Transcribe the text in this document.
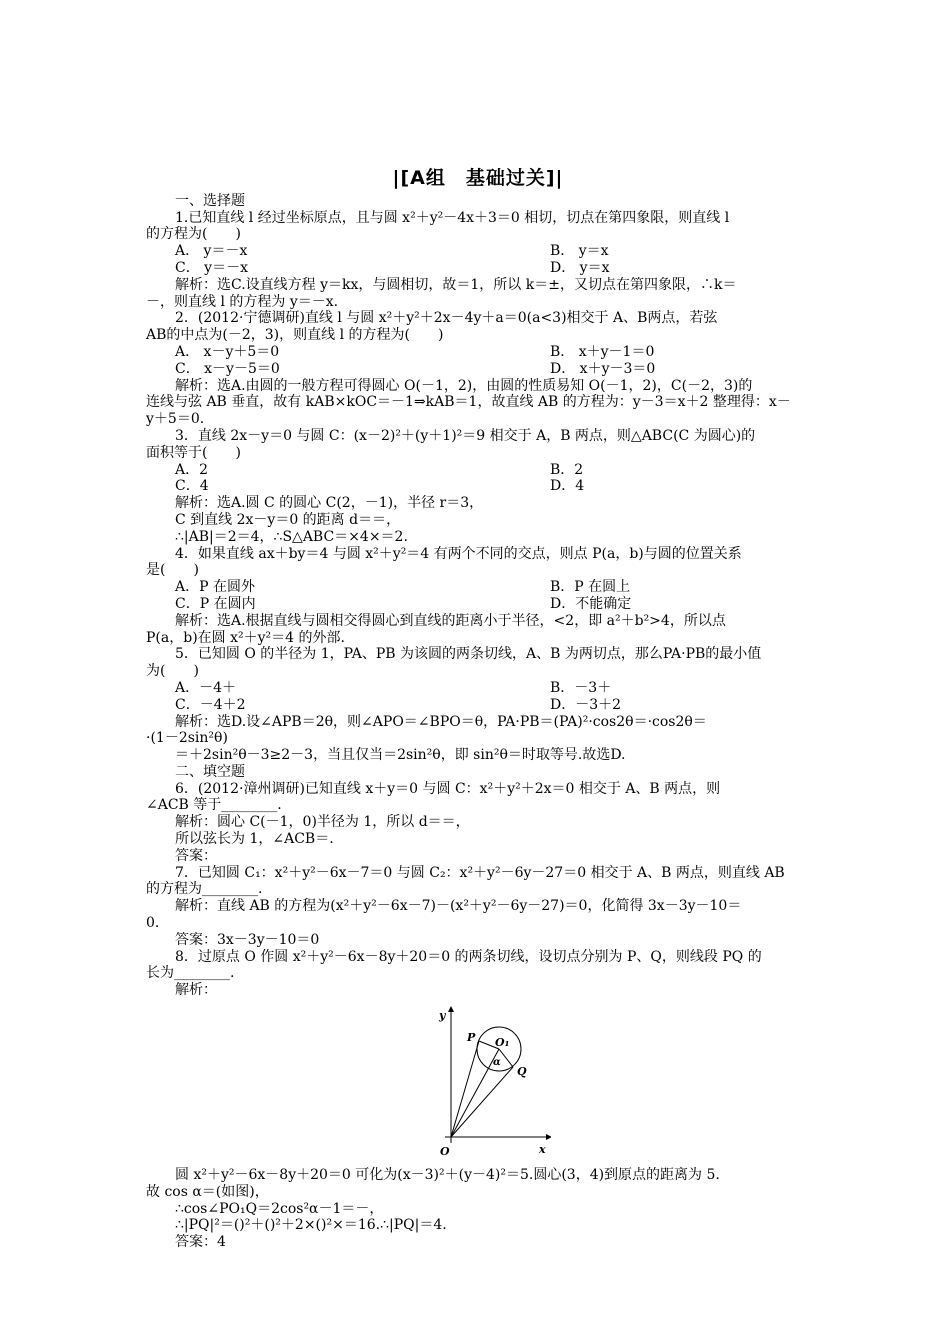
|[A组　基础过关]|
一、选择题
1.已知直线 l 经过坐标原点，且与圆 x²＋y²－4x＋3＝0 相切，切点在第四象限，则直线 l
的方程为(　　)
A． y＝－x	B． y＝x
C． y＝－x	D． y＝x
解析：选C.设直线方程 y＝kx，与圆相切，故＝1，所以 k＝±，又切点在第四象限，∴k＝
－，则直线 l 的方程为 y＝－x.
2．(2012·宁德调研)直线 l 与圆 x²＋y²＋2x－4y＋a＝0(a<3)相交于 A、B两点，若弦
AB的中点为(－2，3)，则直线 l 的方程为(　　)
A． x－y＋5＝0	B． x＋y－1＝0
C． x－y－5＝0	D． x＋y－3＝0
解析：选A.由圆的一般方程可得圆心 O(－1，2)，由圆的性质易知 O(－1，2)，C(－2，3)的
连线与弦 AB 垂直，故有 kAB×kOC＝－1⇒kAB＝1，故直线 AB 的方程为：y－3＝x＋2 整理得：x－
y＋5＝0.
3．直线 2x－y＝0 与圆 C：(x－2)²＋(y＋1)²＝9 相交于 A，B 两点，则△ABC(C 为圆心)的
面积等于(　　)
A．2	B．2
C．4	D．4
解析：选A.圆 C 的圆心 C(2，－1)，半径 r＝3，
C 到直线 2x－y＝0 的距离 d＝＝，
∴|AB|＝2＝4，∴S△ABC＝×4×＝2.
4．如果直线 ax＋by＝4 与圆 x²＋y²＝4 有两个不同的交点，则点 P(a，b)与圆的位置关系
是(　　)
A．P 在圆外	B．P 在圆上
C．P 在圆内	D．不能确定
解析：选A.根据直线与圆相交得圆心到直线的距离小于半径，<2，即 a²＋b²>4，所以点
P(a，b)在圆 x²＋y²＝4 的外部.
5．已知圆 O 的半径为 1，PA、PB 为该圆的两条切线，A、B 为两切点，那么PA·PB的最小值
为(　　)
A．－4＋	B．－3＋
C．－4＋2	D．－3＋2
解析：选D.设∠APB＝2θ，则∠APO＝∠BPO＝θ，PA·PB＝(PA)²·cos2θ＝·cos2θ＝
·(1－2sin²θ)
＝＋2sin²θ－3≥2－3，当且仅当＝2sin²θ，即 sin²θ＝时取等号.故选D.
二、填空题
6．(2012·漳州调研)已知直线 x＋y＝0 与圆 C：x²＋y²＋2x＝0 相交于 A、B 两点，则
∠ACB 等于________.
解析：圆心 C(－1，0)半径为 1，所以 d＝＝，
所以弦长为 1，∠ACB＝.
答案：
7．已知圆 C₁：x²＋y²－6x－7＝0 与圆 C₂：x²＋y²－6y－27＝0 相交于 A、B 两点，则直线 AB
的方程为________.
解析：直线 AB 的方程为(x²＋y²－6x－7)－(x²＋y²－6y－27)＝0，化简得 3x－3y－10＝
0.
答案：3x－3y－10＝0
8．过原点 O 作圆 x²＋y²－6x－8y＋20＝0 的两条切线，设切点分别为 P、Q，则线段 PQ 的
长为________.
解析：
y
x
O
P O₁
Q
α
圆 x²＋y²－6x－8y＋20＝0 可化为(x－3)²＋(y－4)²＝5.圆心(3，4)到原点的距离为 5.
故 cos α＝(如图)，
∴cos∠PO₁Q＝2cos²α－1＝－，
∴|PQ|²＝()²＋()²＋2×()²×＝16.∴|PQ|＝4.
答案：4
